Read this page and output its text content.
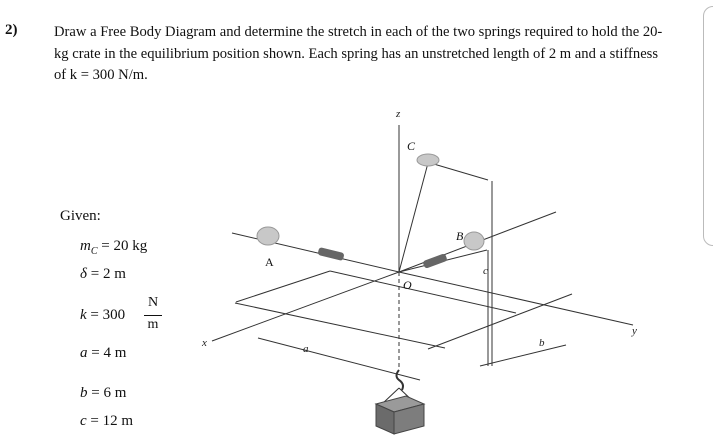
2)	Draw a Free Body Diagram and determine the stretch in each of the two springs required to hold the 20-kg crate in the equilibrium position shown. Each spring has an unstretched length of 2 m and a stiffness of k = 300 N/m.

Given:
$m_C = 20$ kg
δ = 2 m
k = 300
N
m
a = 4 m
b = 6 m
c = 12 m
z
C
A
B
O
x
y
a	b
c
